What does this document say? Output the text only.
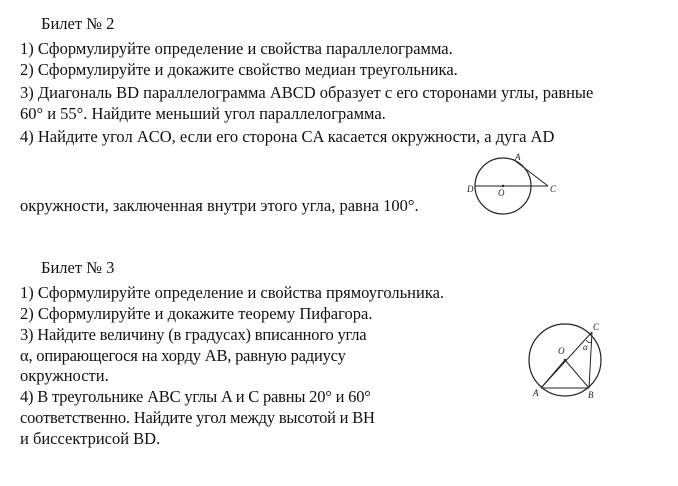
Билет № 2
1) Сформулируйте определение и свойства параллелограмма.
2) Сформулируйте и докажите свойство медиан треугольника.
3) Диагональ BD параллелограмма ABCD образует с его сторонами углы, равные
60° и 55°. Найдите меньший угол параллелограмма.
4) Найдите угол ACO, если его сторона CA касается окружности, а дуга AD
окружности, заключенная внутри этого угла, равна 100°.
A
D	O	C
Билет № 3
1) Сформулируйте определение и свойства прямоугольника.
2) Сформулируйте и докажите теорему Пифагора.
3) Найдите величину (в градусах) вписанного угла
α, опирающегося на хорду AB, равную радиусу
окружности.
4) В треугольнике ABC углы A и C равны 20° и 60°
соответственно. Найдите угол между высотой и BH
и биссектрисой BD.
O α
C
A	B
